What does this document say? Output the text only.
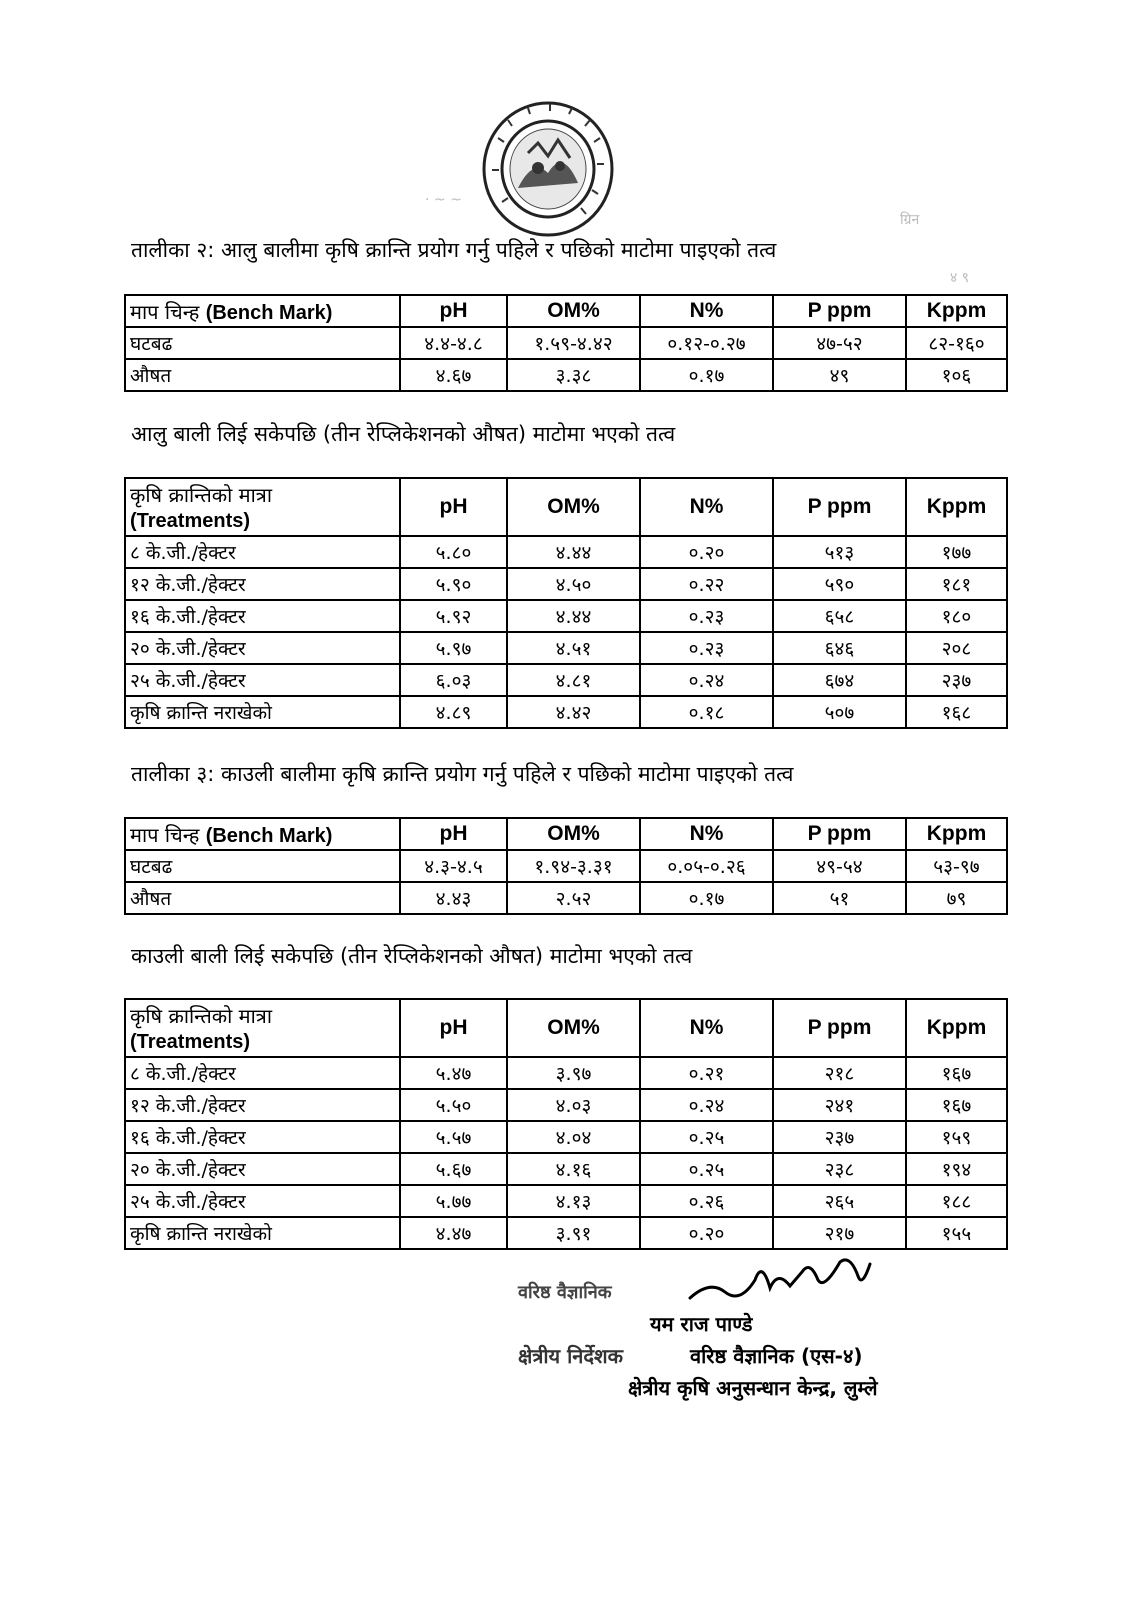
· ~ ~
ग्रिन
४ ९
तालीका २: आलु बालीमा कृषि क्रान्ति प्रयोग गर्नु पहिले र पछिको माटोमा पाइएको तत्व
माप चिन्ह (Bench Mark)	pH	OM%	N%	P ppm	Kppm
घटबढ	४.४-४.८	१.५९-४.४२	०.१२-०.२७	४७-५२	८२-१६०
औषत	४.६७	३.३८	०.१७	४९	१०६
आलु बाली लिई सकेपछि (तीन रेप्लिकेशनको औषत) माटोमा भएको तत्व
कृषि क्रान्तिको मात्रा
(Treatments)	pH	OM%	N%	P ppm	Kppm
८ के.जी./हेक्टर	५.८०	४.४४	०.२०	५१३	१७७
१२ के.जी./हेक्टर	५.९०	४.५०	०.२२	५९०	१८१
१६ के.जी./हेक्टर	५.९२	४.४४	०.२३	६५८	१८०
२० के.जी./हेक्टर	५.९७	४.५१	०.२३	६४६	२०८
२५ के.जी./हेक्टर	६.०३	४.८१	०.२४	६७४	२३७
कृषि क्रान्ति नराखेको	४.८९	४.४२	०.१८	५०७	१६८
तालीका ३: काउली बालीमा कृषि क्रान्ति प्रयोग गर्नु पहिले र पछिको माटोमा पाइएको तत्व
माप चिन्ह (Bench Mark)	pH	OM%	N%	P ppm	Kppm
घटबढ	४.३-४.५	१.९४-३.३१	०.०५-०.२६	४९-५४	५३-९७
औषत	४.४३	२.५२	०.१७	५१	७९
काउली बाली लिई सकेपछि (तीन रेप्लिकेशनको औषत) माटोमा भएको तत्व
कृषि क्रान्तिको मात्रा
(Treatments)	pH	OM%	N%	P ppm	Kppm
८ के.जी./हेक्टर	५.४७	३.९७	०.२१	२१८	१६७
१२ के.जी./हेक्टर	५.५०	४.०३	०.२४	२४१	१६७
१६ के.जी./हेक्टर	५.५७	४.०४	०.२५	२३७	१५९
२० के.जी./हेक्टर	५.६७	४.१६	०.२५	२३८	१९४
२५ के.जी./हेक्टर	५.७७	४.१३	०.२६	२६५	१८८
कृषि क्रान्ति नराखेको	४.४७	३.९१	०.२०	२१७	१५५
वरिष्ठ वैज्ञानिक
यम राज पाण्डे
क्षेत्रीय निर्देशक	वरिष्ठ वैज्ञानिक (एस-४)
क्षेत्रीय कृषि अनुसन्धान केन्द्र, लुम्ले
